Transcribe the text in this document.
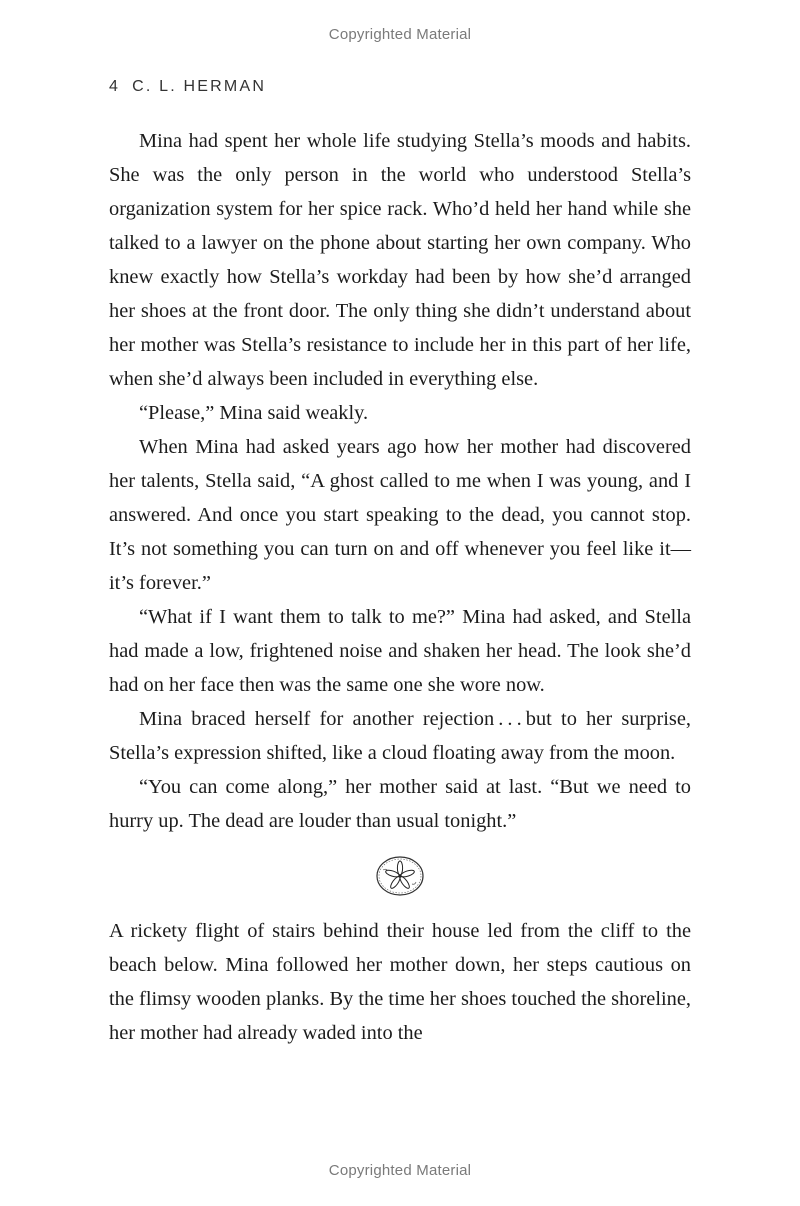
Copyrighted Material
4 C. L. HERMAN

Mina had spent her whole life studying Stella’s moods and habits. She was the only person in the world who understood Stella’s organization system for her spice rack. Who’d held her hand while she talked to a lawyer on the phone about starting her own company. Who knew exactly how Stella’s workday had been by how she’d arranged her shoes at the front door. The only thing she didn’t understand about her mother was Stella’s resistance to include her in this part of her life, when she’d always been included in everything else.

“Please,” Mina said weakly.

When Mina had asked years ago how her mother had discovered her talents, Stella said, “A ghost called to me when I was young, and I answered. And once you start speaking to the dead, you cannot stop. It’s not something you can turn on and off whenever you feel like it—it’s forever.”

“What if I want them to talk to me?” Mina had asked, and Stella had made a low, frightened noise and shaken her head. The look she’d had on her face then was the same one she wore now.

Mina braced herself for another rejection . . . but to her surprise, Stella’s expression shifted, like a cloud floating away from the moon.

“You can come along,” her mother said at last. “But we need to hurry up. The dead are louder than usual tonight.”

A rickety flight of stairs behind their house led from the cliff to the beach below. Mina followed her mother down, her steps cautious on the flimsy wooden planks. By the time her shoes touched the shoreline, her mother had already waded into the

Copyrighted Material
